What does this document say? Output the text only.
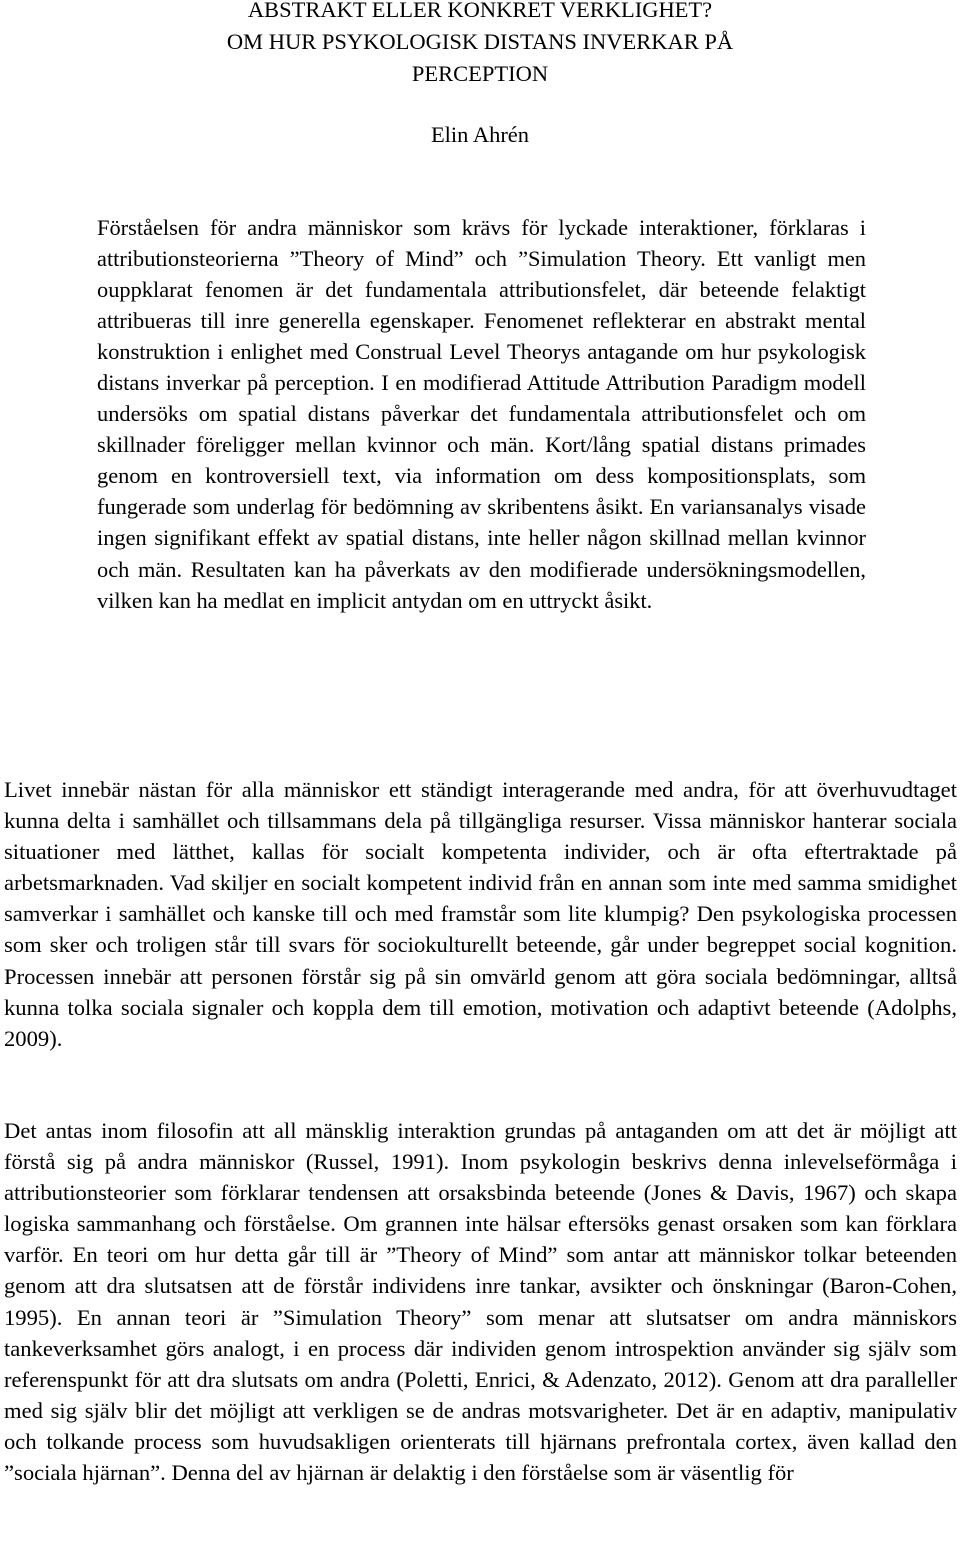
ABSTRAKT ELLER KONKRET VERKLIGHET?
OM HUR PSYKOLOGISK DISTANS INVERKAR PÅ
PERCEPTION

Elin Ahrén

Förståelsen för andra människor som krävs för lyckade interaktioner, förklaras i attributionsteorierna ”Theory of Mind” och ”Simulation Theory. Ett vanligt men ouppklarat fenomen är det fundamentala attributionsfelet, där beteende felaktigt attribueras till inre generella egenskaper. Fenomenet reflekterar en abstrakt mental konstruktion i enlighet med Construal Level Theorys antagande om hur psykologisk distans inverkar på perception. I en modifierad Attitude Attribution Paradigm modell undersöks om spatial distans påverkar det fundamentala attributionsfelet och om skillnader föreligger mellan kvinnor och män. Kort/lång spatial distans primades genom en kontroversiell text, via information om dess kompositionsplats, som fungerade som underlag för bedömning av skribentens åsikt. En variansanalys visade ingen signifikant effekt av spatial distans, inte heller någon skillnad mellan kvinnor och män. Resultaten kan ha påverkats av den modifierade undersökningsmodellen, vilken kan ha medlat en implicit antydan om en uttryckt åsikt.

Livet innebär nästan för alla människor ett ständigt interagerande med andra, för att överhuvudtaget kunna delta i samhället och tillsammans dela på tillgängliga resurser. Vissa människor hanterar sociala situationer med lätthet, kallas för socialt kompetenta individer, och är ofta eftertraktade på arbetsmarknaden. Vad skiljer en socialt kompetent individ från en annan som inte med samma smidighet samverkar i samhället och kanske till och med framstår som lite klumpig? Den psykologiska processen som sker och troligen står till svars för sociokulturellt beteende, går under begreppet social kognition. Processen innebär att personen förstår sig på sin omvärld genom att göra sociala bedömningar, alltså kunna tolka sociala signaler och koppla dem till emotion, motivation och adaptivt beteende (Adolphs, 2009).

Det antas inom filosofin att all mänsklig interaktion grundas på antaganden om att det är möjligt att förstå sig på andra människor (Russel, 1991). Inom psykologin beskrivs denna inlevelseförmåga i attributionsteorier som förklarar tendensen att orsaksbinda beteende (Jones & Davis, 1967) och skapa logiska sammanhang och förståelse. Om grannen inte hälsar eftersöks genast orsaken som kan förklara varför. En teori om hur detta går till är ”Theory of Mind” som antar att människor tolkar beteenden genom att dra slutsatsen att de förstår individens inre tankar, avsikter och önskningar (Baron-Cohen, 1995). En annan teori är ”Simulation Theory” som menar att slutsatser om andra människors tankeverksamhet görs analogt, i en process där individen genom introspektion använder sig själv som referenspunkt för att dra slutsats om andra (Poletti, Enrici, & Adenzato, 2012). Genom att dra paralleller med sig själv blir det möjligt att verkligen se de andras motsvarigheter. Det är en adaptiv, manipulativ och tolkande process som huvudsakligen orienterats till hjärnans prefrontala cortex, även kallad den ”sociala hjärnan”. Denna del av hjärnan är delaktig i den förståelse som är väsentlig för
